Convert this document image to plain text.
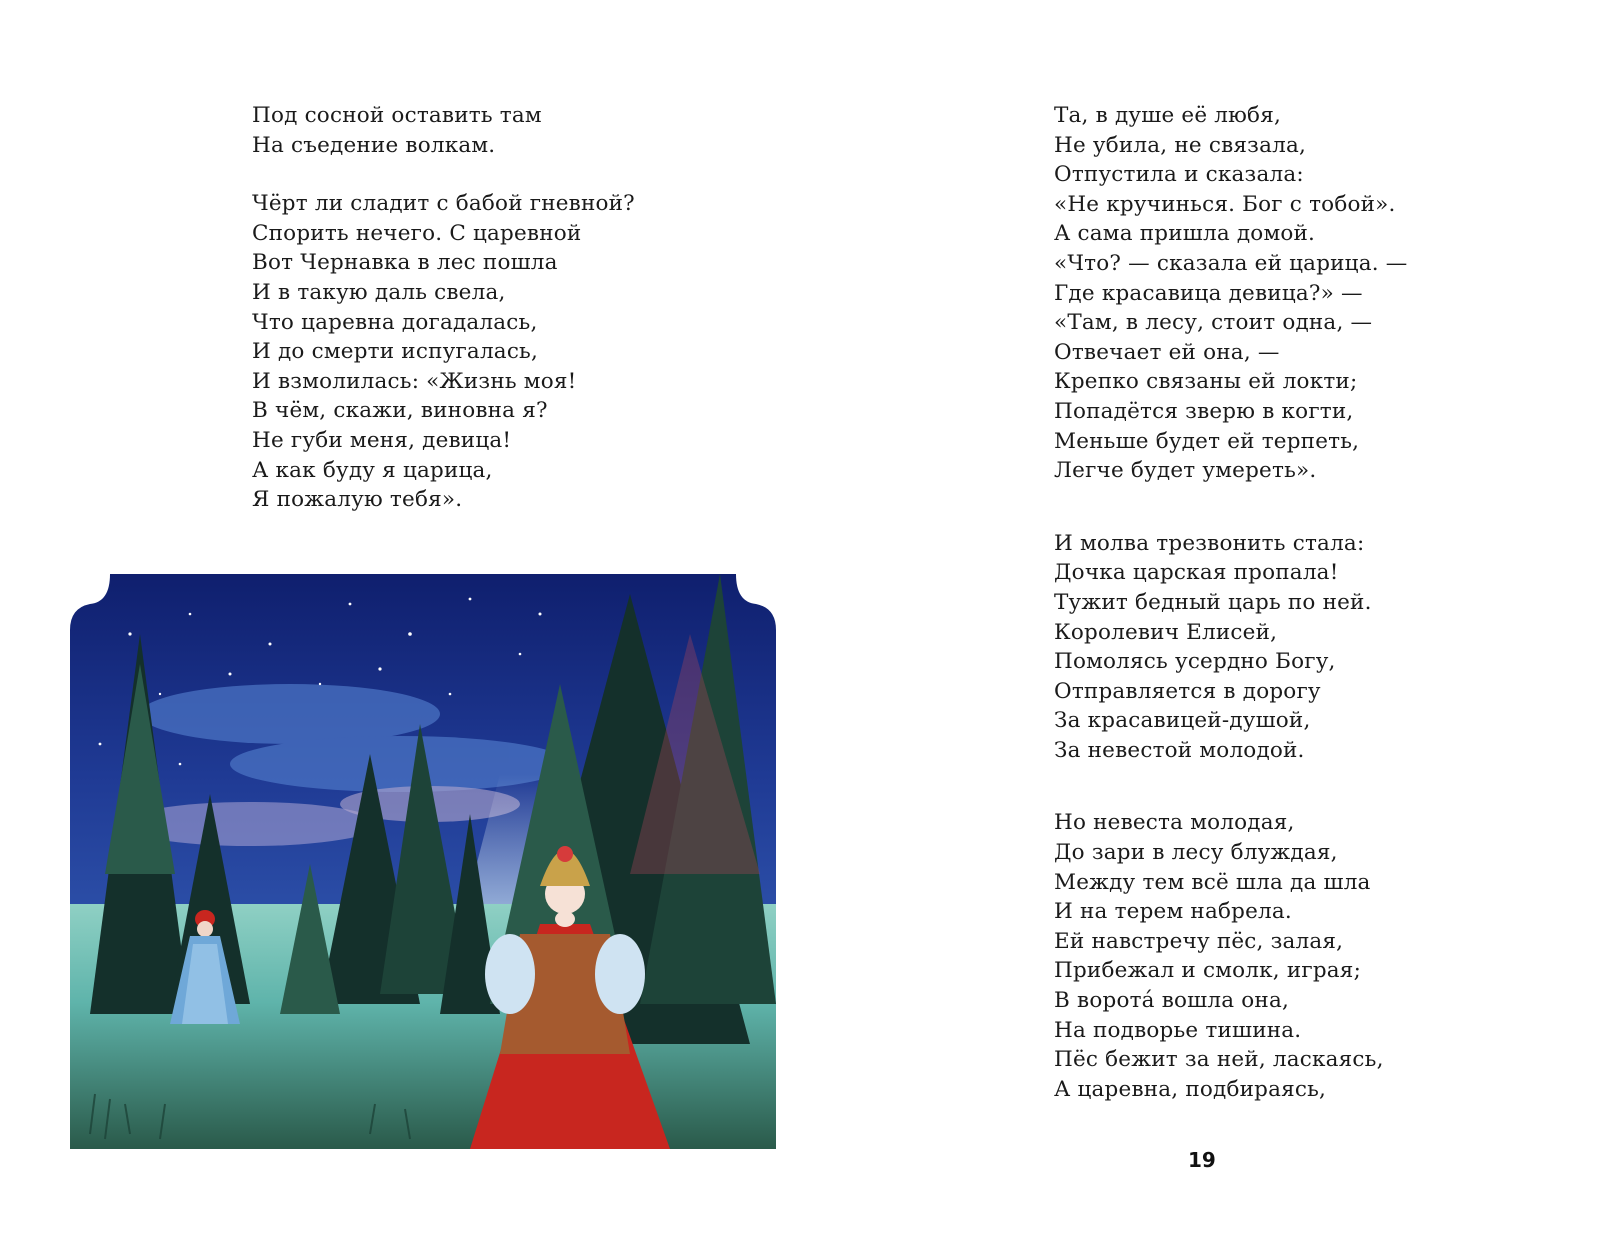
Под сосной оставить там
На съедение волкам.
Чёрт ли сладит с бабой гневной?
Спорить нечего. С царевной
Вот Чернавка в лес пошла
И в такую даль свела,
Что царевна догадалась,
И до смерти испугалась,
И взмолилась: «Жизнь моя!
В чём, скажи, виновна я?
Не губи меня, девица!
А как буду я царица,
Я пожалую тебя».
Та, в душе её любя,
Не убила, не связала,
Отпустила и сказала:
«Не кручинься. Бог с тобой».
А сама пришла домой.
«Что? — сказала ей царица. —
Где красавица девица?» —
«Там, в лесу, стоит одна, —
Отвечает ей она, —
Крепко связаны ей локти;
Попадётся зверю в когти,
Меньше будет ей терпеть,
Легче будет умереть».
И молва трезвонить стала:
Дочка царская пропала!
Тужит бедный царь по ней.
Королевич Елисей,
Помолясь усердно Богу,
Отправляется в дорогу
За красавицей-душой,
За невестой молодой.
Но невеста молодая,
До зари в лесу блуждая,
Между тем всё шла да шла
И на терем набрела.
Ей навстречу пёс, залая,
Прибежал и смолк, играя;
В ворота́ вошла она,
На подворье тишина.
Пёс бежит за ней, ласкаясь,
А царевна, подбираясь,
19
